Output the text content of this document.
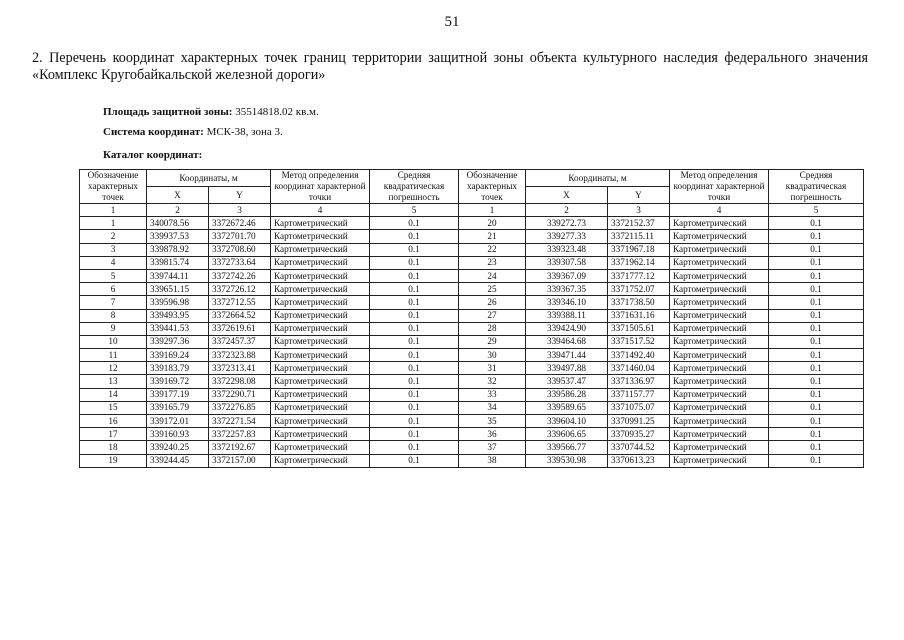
51
2. Перечень координат характерных точек границ территории защитной зоны объекта культурного наследия федерального значения «Комплекс Кругобайкальской железной дороги»
Площадь защитной зоны: 35514818.02 кв.м.
Система координат: МСК-38, зона 3.
Каталог координат:
Обозначение характерных точек	Координаты, м		Метод определения координат характерной точки	Средняя квадратическая погрешность	Обозначение характерных точек	Координаты, м		Метод определения координат характерной точки	Средняя квадратическая погрешность
	X	Y				X	Y		
1	2	3	4	5	1	2	3	4	5
1	340078.56	3372672.46	Картометрический	0.1	20	339272.73	3372152.37	Картометрический	0.1
2	339937.53	3372701.70	Картометрический	0.1	21	339277.33	3372115.11	Картометрический	0.1
3	339878.92	3372708.60	Картометрический	0.1	22	339323.48	3371967.18	Картометрический	0.1
4	339815.74	3372733.64	Картометрический	0.1	23	339307.58	3371962.14	Картометрический	0.1
5	339744.11	3372742.26	Картометрический	0.1	24	339367.09	3371777.12	Картометрический	0.1
6	339651.15	3372726.12	Картометрический	0.1	25	339367.35	3371752.07	Картометрический	0.1
7	339596.98	3372712.55	Картометрический	0.1	26	339346.10	3371738.50	Картометрический	0.1
8	339493.95	3372664.52	Картометрический	0.1	27	339388.11	3371631.16	Картометрический	0.1
9	339441.53	3372619.61	Картометрический	0.1	28	339424.90	3371505.61	Картометрический	0.1
10	339297.36	3372457.37	Картометрический	0.1	29	339464.68	3371517.52	Картометрический	0.1
11	339169.24	3372323.88	Картометрический	0.1	30	339471.44	3371492.40	Картометрический	0.1
12	339183.79	3372313.41	Картометрический	0.1	31	339497.88	3371460.04	Картометрический	0.1
13	339169.72	3372298.08	Картометрический	0.1	32	339537.47	3371336.97	Картометрический	0.1
14	339177.19	3372290.71	Картометрический	0.1	33	339586.28	3371157.77	Картометрический	0.1
15	339165.79	3372276.85	Картометрический	0.1	34	339589.65	3371075.07	Картометрический	0.1
16	339172.01	3372271.54	Картометрический	0.1	35	339604.10	3370991.25	Картометрический	0.1
17	339160.93	3372257.83	Картометрический	0.1	36	339606.65	3370935.27	Картометрический	0.1
18	339240.25	3372192.67	Картометрический	0.1	37	339566.77	3370744.52	Картометрический	0.1
19	339244.45	3372157.00	Картометрический	0.1	38	339530.98	3370613.23	Картометрический	0.1
